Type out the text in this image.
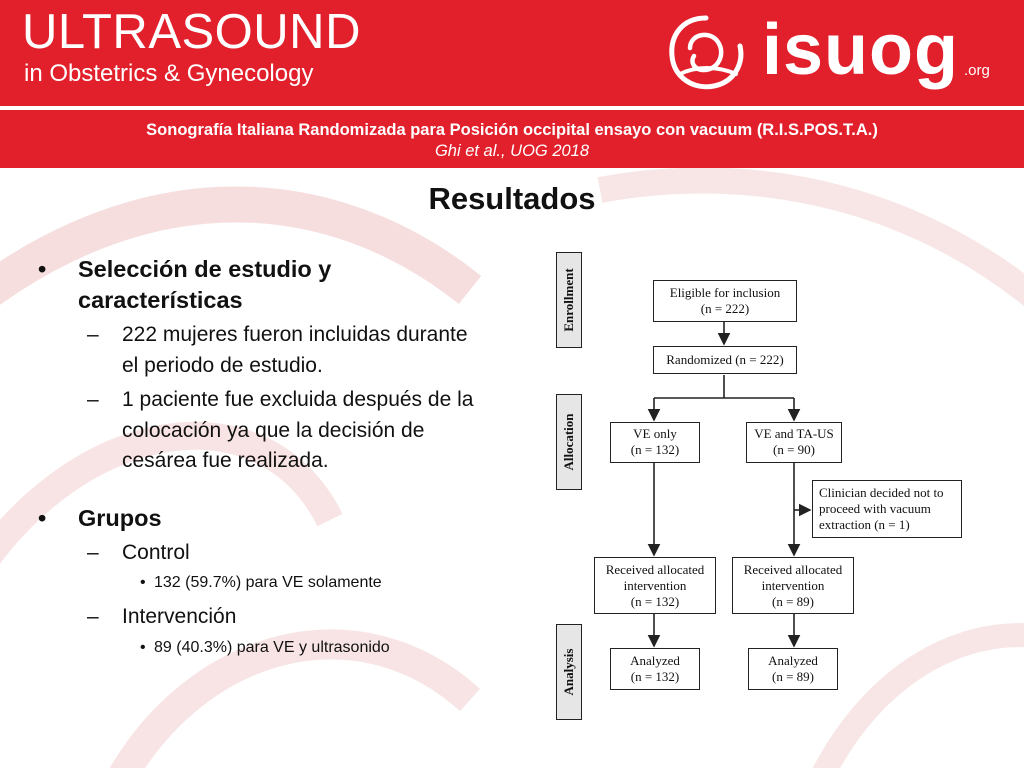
ULTRASOUND
in Obstetrics & Gynecology	isuog .org
Sonografía Italiana Randomizada para Posición occipital ensayo con vacuum (R.I.S.POS.T.A.)
Ghi et al., UOG 2018
Resultados
• Selección de estudio y características
– 222 mujeres fueron incluidas durante el periodo de estudio.
– 1 paciente fue excluida después de la colocación ya que la decisión de cesárea fue realizada.
• Grupos
– Control
• 132 (59.7%) para VE solamente
– Intervención
• 89 (40.3%) para VE y ultrasonido
Enrollment
Allocation
Analysis
Eligible for inclusion
(n = 222)
Randomized (n = 222)
VE only
(n = 132)
VE and TA-US
(n = 90)
Clinician decided not to
proceed with vacuum
extraction (n = 1)
Received allocated
intervention
(n = 132)
Received allocated
intervention
(n = 89)
Analyzed
(n = 132)
Analyzed
(n = 89)
